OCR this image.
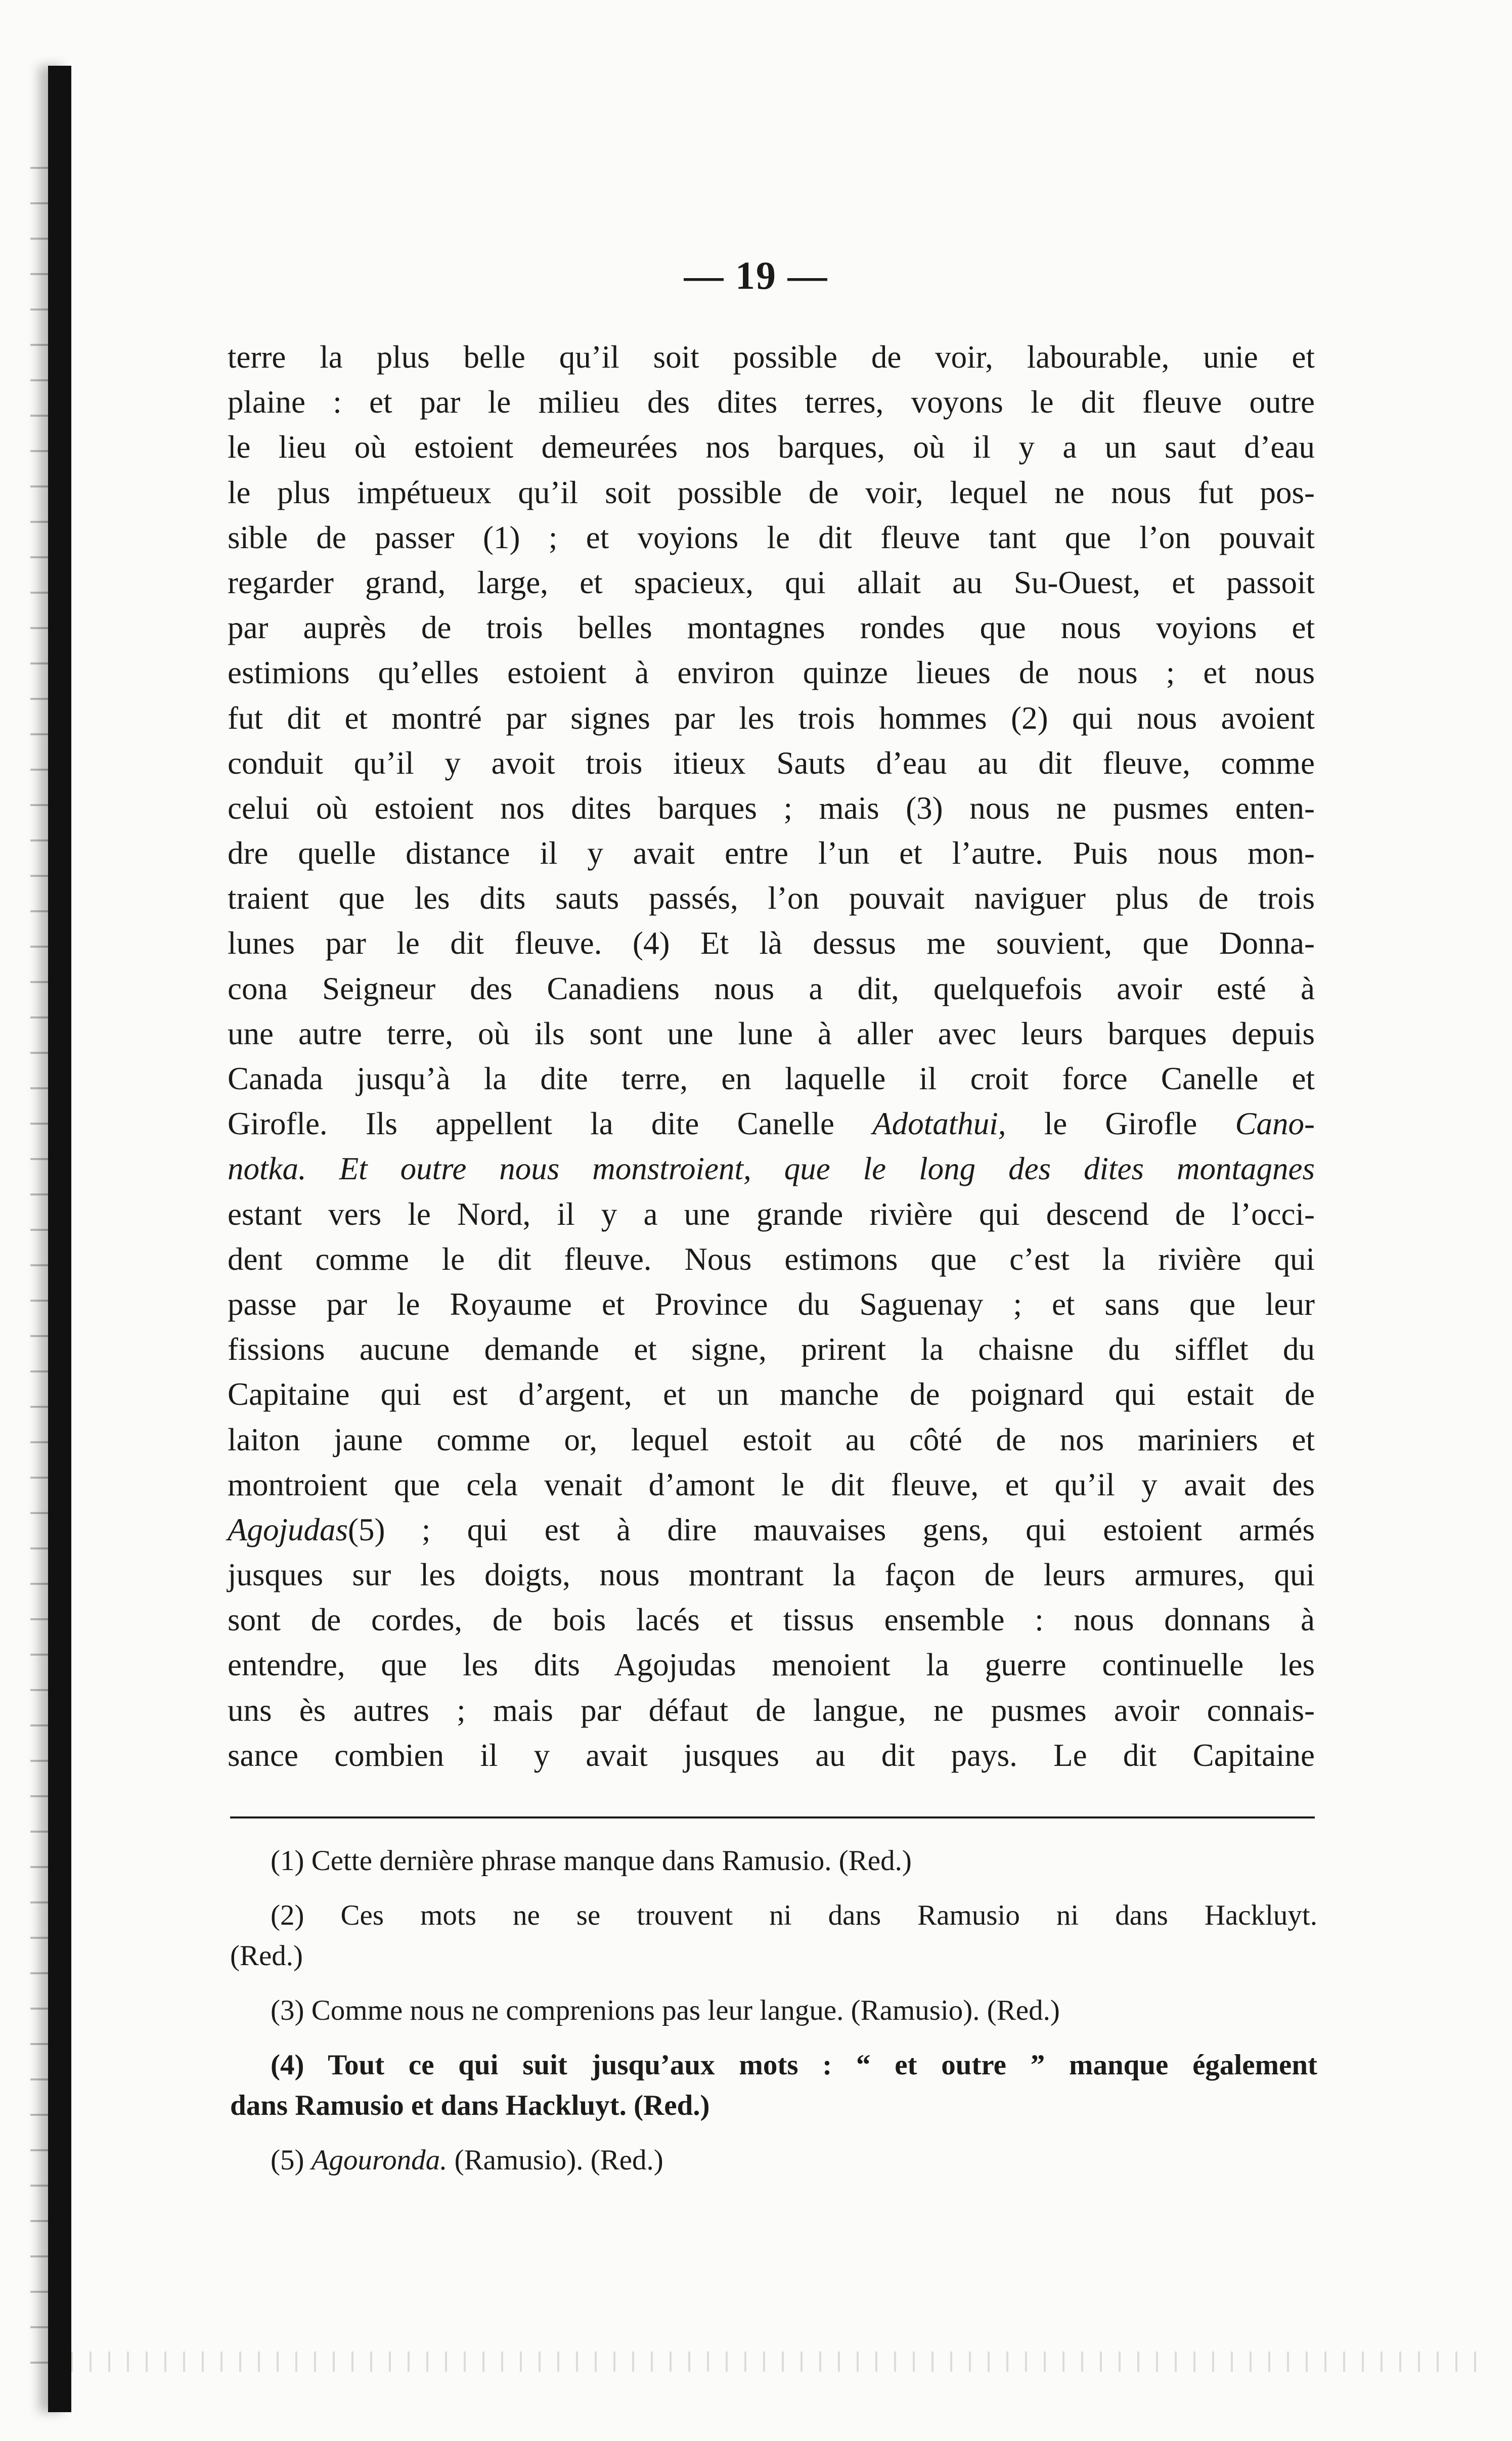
— 19 —
terre la plus belle qu’il soit possible de voir, labourable, unie et
plaine : et par le milieu des dites terres, voyons le dit fleuve outre
le lieu où estoient demeurées nos barques, où il y a un saut d’eau
le plus impétueux qu’il soit possible de voir, lequel ne nous fut pos-
sible de passer (1) ; et voyions le dit fleuve tant que l’on pouvait
regarder grand, large, et spacieux, qui allait au Su-Ouest, et passoit
par auprès de trois belles montagnes rondes que nous voyions et
estimions qu’elles estoient à environ quinze lieues de nous ; et nous
fut dit et montré par signes par les trois hommes (2) qui nous avoient
conduit qu’il y avoit trois itieux Sauts d’eau au dit fleuve, comme
celui où estoient nos dites barques ; mais (3) nous ne pusmes enten-
dre quelle distance il y avait entre l’un et l’autre. Puis nous mon-
traient que les dits sauts passés, l’on pouvait naviguer plus de trois
lunes par le dit fleuve. (4) Et là dessus me souvient, que Donna-
cona Seigneur des Canadiens nous a dit, quelquefois avoir esté à
une autre terre, où ils sont une lune à aller avec leurs barques depuis
Canada jusqu’à la dite terre, en laquelle il croit force Canelle et
Girofle. Ils appellent la dite Canelle Adotathui, le Girofle Cano-
notka. Et outre nous monstroient, que le long des dites montagnes
estant vers le Nord, il y a une grande rivière qui descend de l’occi-
dent comme le dit fleuve. Nous estimons que c’est la rivière qui
passe par le Royaume et Province du Saguenay ; et sans que leur
fissions aucune demande et signe, prirent la chaisne du sifflet du
Capitaine qui est d’argent, et un manche de poignard qui estait de
laiton jaune comme or, lequel estoit au côté de nos mariniers et
montroient que cela venait d’amont le dit fleuve, et qu’il y avait des
Agojudas(5) ; qui est à dire mauvaises gens, qui estoient armés
jusques sur les doigts, nous montrant la façon de leurs armures, qui
sont de cordes, de bois lacés et tissus ensemble : nous donnans à
entendre, que les dits Agojudas menoient la guerre continuelle les
uns ès autres ; mais par défaut de langue, ne pusmes avoir connais-
sance combien il y avait jusques au dit pays. Le dit Capitaine
(1) Cette dernière phrase manque dans Ramusio. (Red.)
(2) Ces mots ne se trouvent ni dans Ramusio ni dans Hackluyt.
(Red.)
(3) Comme nous ne comprenions pas leur langue. (Ramusio). (Red.)
(4) Tout ce qui suit jusqu’aux mots : “ et outre ” manque également
dans Ramusio et dans Hackluyt. (Red.)
(5) Agouronda. (Ramusio). (Red.)
